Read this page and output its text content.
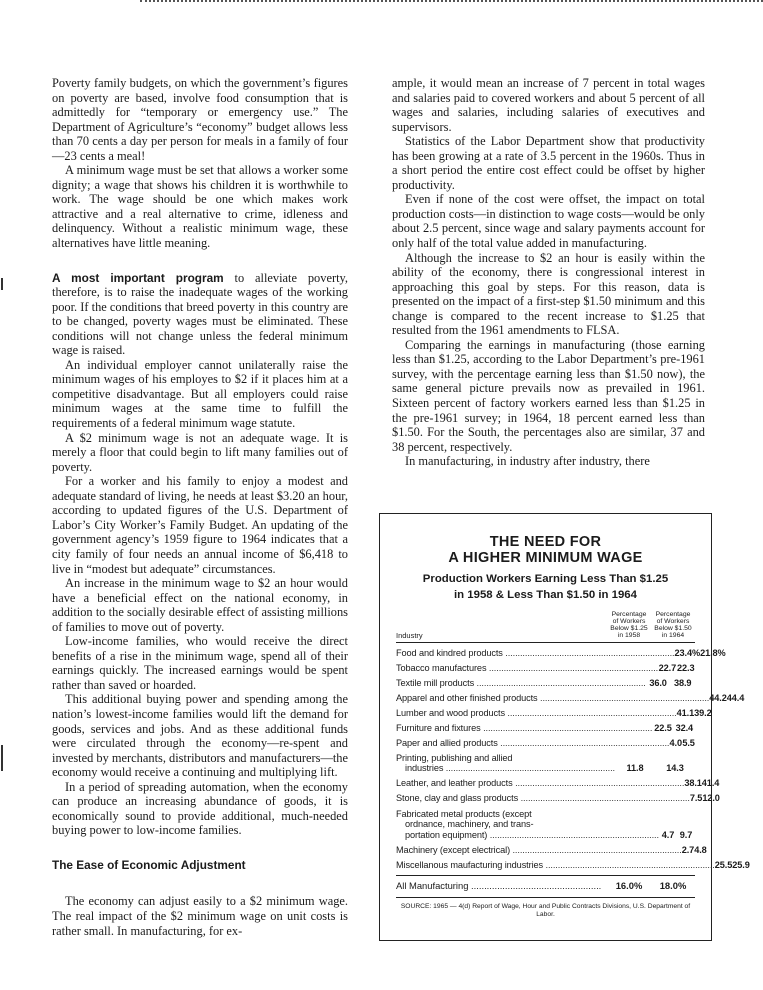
Poverty family budgets, on which the government’s figures on poverty are based, involve food consumption that is admittedly for “temporary or emergency use.” The Department of Agriculture’s “economy” budget allows less than 70 cents a day per person for meals in a family of four—23 cents a meal!

A minimum wage must be set that allows a worker some dignity; a wage that shows his children it is worthwhile to work. The wage should be one which makes work attractive and a real alternative to crime, idleness and delinquency. Without a realistic minimum wage, these alternatives have little meaning.

A most important program to alleviate poverty, therefore, is to raise the inadequate wages of the working poor. If the conditions that breed poverty in this country are to be changed, poverty wages must be eliminated. These conditions will not change unless the federal minimum wage is raised.

An individual employer cannot unilaterally raise the minimum wages of his employes to $2 if it places him at a competitive disadvantage. But all employers could raise minimum wages at the same time to fulfill the requirements of a federal minimum wage statute.

A $2 minimum wage is not an adequate wage. It is merely a floor that could begin to lift many families out of poverty.

For a worker and his family to enjoy a modest and adequate standard of living, he needs at least $3.20 an hour, according to updated figures of the U.S. Department of Labor’s City Worker’s Family Budget. An updating of the government agency’s 1959 figure to 1964 indicates that a city family of four needs an annual income of $6,418 to live in “modest but adequate” circumstances.

An increase in the minimum wage to $2 an hour would have a beneficial effect on the national economy, in addition to the socially desirable effect of assisting millions of families to move out of poverty.

Low-income families, who would receive the direct benefits of a rise in the minimum wage, spend all of their earnings quickly. The increased earnings would be spent rather than saved or hoarded.

This additional buying power and spending among the nation’s lowest-income families would lift the demand for goods, services and jobs. And as these additional funds were circulated through the economy—re-spent and invested by merchants, distributors and manufacturers—the economy would receive a continuing and multiplying lift.

In a period of spreading automation, when the economy can produce an increasing abundance of goods, it is economically sound to provide additional, much-needed buying power to low-income families.

The Ease of Economic Adjustment

The economy can adjust easily to a $2 minimum wage. The real impact of the $2 minimum wage on unit costs is rather small. In manufacturing, for ex-

ample, it would mean an increase of 7 percent in total wages and salaries paid to covered workers and about 5 percent of all wages and salaries, including salaries of executives and supervisors.

Statistics of the Labor Department show that productivity has been growing at a rate of 3.5 percent in the 1960s. Thus in a short period the entire cost effect could be offset by higher productivity.

Even if none of the cost were offset, the impact on total production costs—in distinction to wage costs—would be only about 2.5 percent, since wage and salary payments account for only half of the total value added in manufacturing.

Although the increase to $2 an hour is easily within the ability of the economy, there is congressional interest in approaching this goal by steps. For this reason, data is presented on the impact of a first-step $1.50 minimum and this change is compared to the recent increase to $1.25 that resulted from the 1961 amendments to FLSA.

Comparing the earnings in manufacturing (those earning less than $1.25, according to the Labor Department’s pre-1961 survey, with the percentage earning less than $1.50 now), the same general picture prevails now as prevailed in 1961. Sixteen percent of factory workers earned less than $1.25 in the pre-1961 survey; in 1964, 18 percent earned less than $1.50. For the South, the percentages also are similar, 37 and 38 percent, respectively.

In manufacturing, in industry after industry, there

THE NEED FOR
A HIGHER MINIMUM WAGE
Production Workers Earning Less Than $1.25
in 1958 & Less Than $1.50 in 1964
Industry
Percentage
of Workers
Below $1.25
in 1958
Percentage
of Workers
Below $1.50
in 1964
Food and kindred products ..................................................................... 23.4% 21.8%
Tobacco manufactures ..................................................................... 22.7 22.3
Textile mill products ..................................................................... 36.0 38.9
Apparel and other finished products ..................................................................... 44.2 44.4
Lumber and wood products ..................................................................... 41.1 39.2
Furniture and fixtures ..................................................................... 22.5 32.4
Paper and allied products ..................................................................... 4.0 5.5
Printing, publishing and allied
industries .....................................................................	11.8	14.3
Leather, and leather products ..................................................................... 38.1 41.4
Stone, clay and glass products ..................................................................... 7.5 12.0
Fabricated metal products (except
ordnance, machinery, and trans-
portation equipment) ..................................................................... 4.7 9.7
Machinery (except electrical) ..................................................................... 2.7 4.8
Miscellanous maufacturing industries ..................................................................... 25.5 25.9
All Manufacturing ..................................................	16.0%	18.0%
SOURCE: 1965 — 4(d) Report of Wage, Hour and Public Contracts Divisions, U.S. Department of Labor.
